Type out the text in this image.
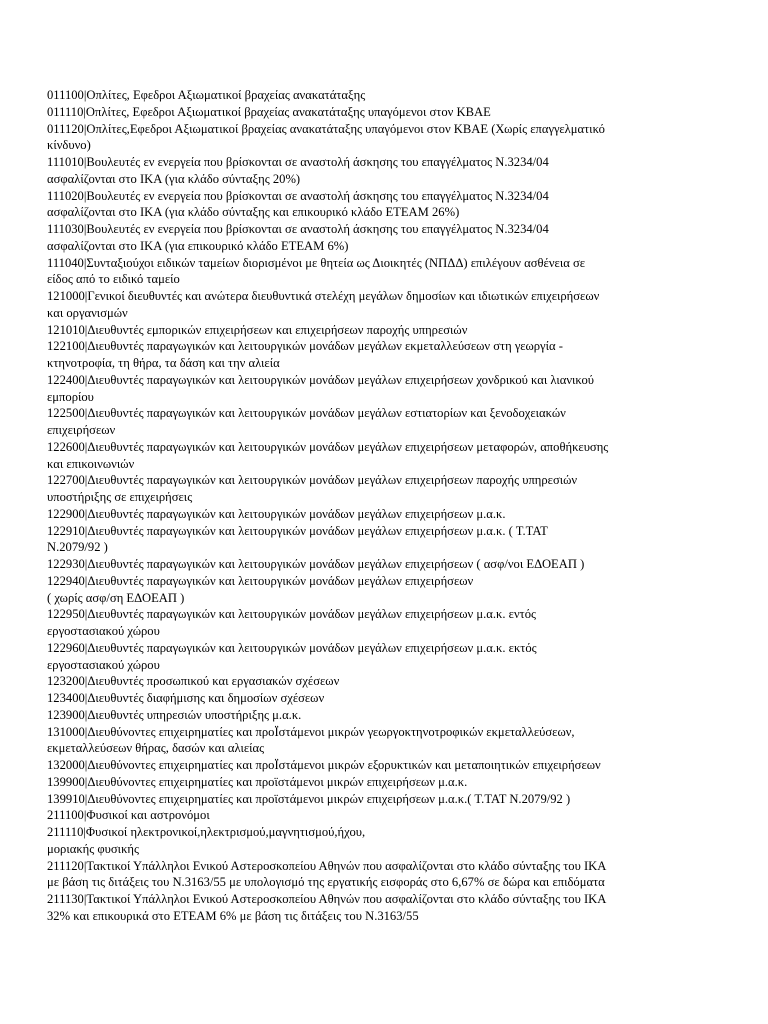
011100 | Οπλίτες, Εφεδροι Αξιωματικοί βραχείας ανακατάταξης
011110 | Οπλίτες, Εφεδροι Αξιωματικοί βραχείας ανακατάταξης υπαγόμενοι στον ΚΒΑΕ
011120 | Οπλίτες,Εφεδροι Αξιωματικοί βραχείας ανακατάταξης υπαγόμενοι στον ΚΒΑΕ (Χωρίς επαγγελματικό
κίνδυνο)
111010 | Βουλευτές εν ενεργεία που βρίσκονται σε αναστολή άσκησης του επαγγέλματος Ν.3234/04
ασφαλίζονται στο ΙΚΑ (για κλάδο σύνταξης 20%)
111020 | Βουλευτές εν ενεργεία που βρίσκονται σε αναστολή άσκησης του επαγγέλματος Ν.3234/04
ασφαλίζονται στο ΙΚΑ (για κλάδο σύνταξης και επικουρικό κλάδο ΕΤΕΑΜ 26%)
111030 | Βουλευτές εν ενεργεία που βρίσκονται σε αναστολή άσκησης του επαγγέλματος Ν.3234/04
ασφαλίζονται στο ΙΚΑ (για επικουρικό κλάδο ΕΤΕΑΜ 6%)
111040 | Συνταξιούχοι ειδικών ταμείων διορισμένοι με θητεία ως Διοικητές (ΝΠΔΔ) επιλέγουν ασθένεια σε
είδος από το ειδικό ταμείο
121000 | Γενικοί διευθυντές και ανώτερα διευθυντικά στελέχη μεγάλων δημοσίων και ιδιωτικών επιχειρήσεων
και οργανισμών
121010 | Διευθυντές εμπορικών επιχειρήσεων και επιχειρήσεων παροχής υπηρεσιών
122100 | Διευθυντές παραγωγικών και λειτουργικών μονάδων μεγάλων εκμεταλλεύσεων στη γεωργία -
κτηνοτροφία, τη θήρα, τα δάση και την αλιεία
122400 | Διευθυντές παραγωγικών και λειτουργικών μονάδων μεγάλων επιχειρήσεων χονδρικού και λιανικού
εμπορίου
122500 | Διευθυντές παραγωγικών και λειτουργικών μονάδων μεγάλων εστιατορίων και ξενοδοχειακών
επιχειρήσεων
122600 | Διευθυντές παραγωγικών και λειτουργικών μονάδων μεγάλων επιχειρήσεων μεταφορών, αποθήκευσης
και επικοινωνιών
122700 | Διευθυντές παραγωγικών και λειτουργικών μονάδων μεγάλων επιχειρήσεων παροχής υπηρεσιών
υποστήριξης σε επιχειρήσεις
122900 | Διευθυντές παραγωγικών και λειτουργικών μονάδων μεγάλων επιχειρήσεων μ.α.κ.
122910 | Διευθυντές παραγωγικών και λειτουργικών μονάδων μεγάλων επιχειρήσεων μ.α.κ. ( Τ.ΤΑΤ
Ν.2079/92 )
122930 | Διευθυντές παραγωγικών και λειτουργικών μονάδων μεγάλων επιχειρήσεων ( ασφ/νοι ΕΔΟΕΑΠ )
122940 | Διευθυντές παραγωγικών και λειτουργικών μονάδων μεγάλων επιχειρήσεων
( χωρίς ασφ/ση ΕΔΟΕΑΠ )
122950 | Διευθυντές παραγωγικών και λειτουργικών μονάδων μεγάλων επιχειρήσεων μ.α.κ. εντός
εργοστασιακού χώρου
122960 | Διευθυντές παραγωγικών και λειτουργικών μονάδων μεγάλων επιχειρήσεων μ.α.κ. εκτός
εργοστασιακού χώρου
123200 | Διευθυντές προσωπικού και εργασιακών σχέσεων
123400 | Διευθυντές διαφήμισης και δημοσίων σχέσεων
123900 | Διευθυντές υπηρεσιών υποστήριξης μ.α.κ.
131000 | Διευθύνοντες επιχειρηματίες και προΪστάμενοι μικρών γεωργοκτηνοτροφικών εκμεταλλεύσεων,
εκμεταλλεύσεων θήρας, δασών και αλιείας
132000 | Διευθύνοντες επιχειρηματίες και προΪστάμενοι μικρών εξορυκτικών και μεταποιητικών επιχειρήσεων
139900 | Διευθύνοντες επιχειρηματίες και προϊστάμενοι μικρών επιχειρήσεων μ.α.κ.
139910 | Διευθύνοντες επιχειρηματίες και προϊστάμενοι μικρών επιχειρήσεων μ.α.κ.( Τ.ΤΑΤ Ν.2079/92 )
211100 | Φυσικοί και αστρονόμοι
211110 | Φυσικοί ηλεκτρονικοί,ηλεκτρισμού,μαγνητισμού,ήχου,
μοριακής φυσικής
211120 | Τακτικοί Υπάλληλοι Ενικού Αστεροσκοπείου Αθηνών που ασφαλίζονται στο κλάδο σύνταξης του ΙΚΑ
με βάση τις διτάξεις του Ν.3163/55 με υπολογισμό της εργατικής εισφοράς στο 6,67% σε δώρα και επιδόματα
211130 | Τακτικοί Υπάλληλοι Ενικού Αστεροσκοπείου Αθηνών που ασφαλίζονται στο κλάδο σύνταξης του ΙΚΑ
32% και επικουρικά στο ΕΤΕΑΜ 6% με βάση τις διτάξεις του Ν.3163/55
